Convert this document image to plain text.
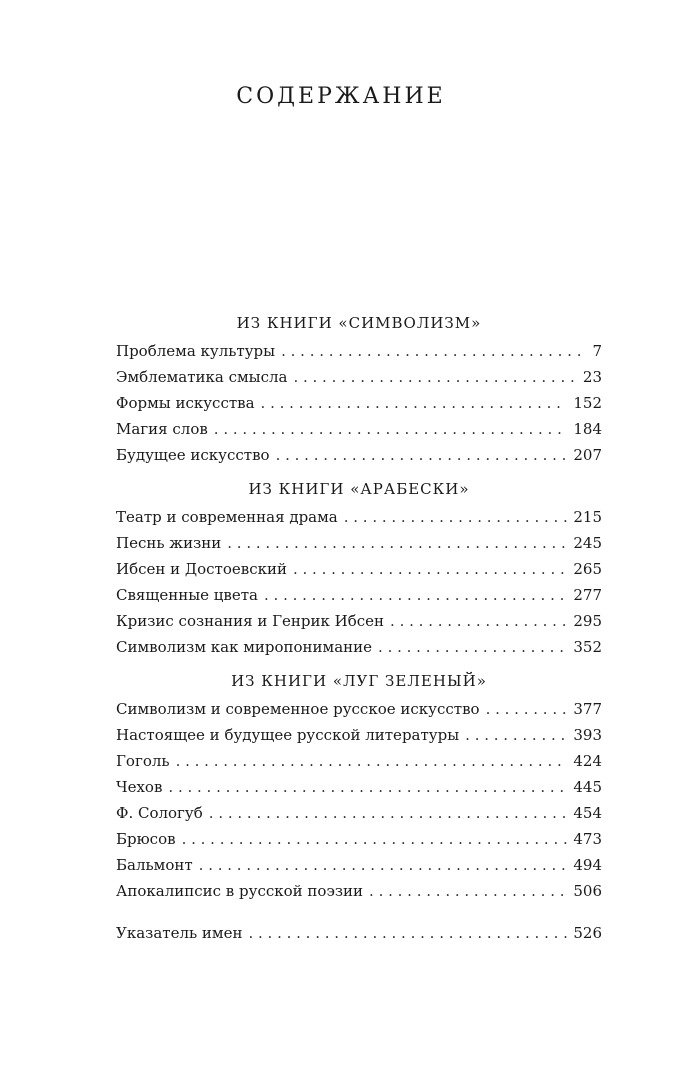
СОДЕРЖАНИЕ
ИЗ КНИГИ «СИМВОЛИЗМ»
Проблема культуры . . .	7
Эмблематика смысла . . .	23
Формы искусства . . .	152
Магия слов . . .	184
Будущее искусство . . .	207
ИЗ КНИГИ «АРАБЕСКИ»
Театр и современная драма . . .	215
Песнь жизни . . .	245
Ибсен и Достоевский . . .	265
Священные цвета . . .	277
Кризис сознания и Генрик Ибсен . . .	295
Символизм как миропонимание . . .	352
ИЗ КНИГИ «ЛУГ ЗЕЛЕНЫЙ»
Символизм и современное русское искусство . . .	377
Настоящее и будущее русской литературы . . .	393
Гоголь . . .	424
Чехов . . .	445
Ф. Сологуб . . .	454
Брюсов . . .	473
Бальмонт . . .	494
Апокалипсис в русской поэзии . . .	506
Указатель имен . . .	526
